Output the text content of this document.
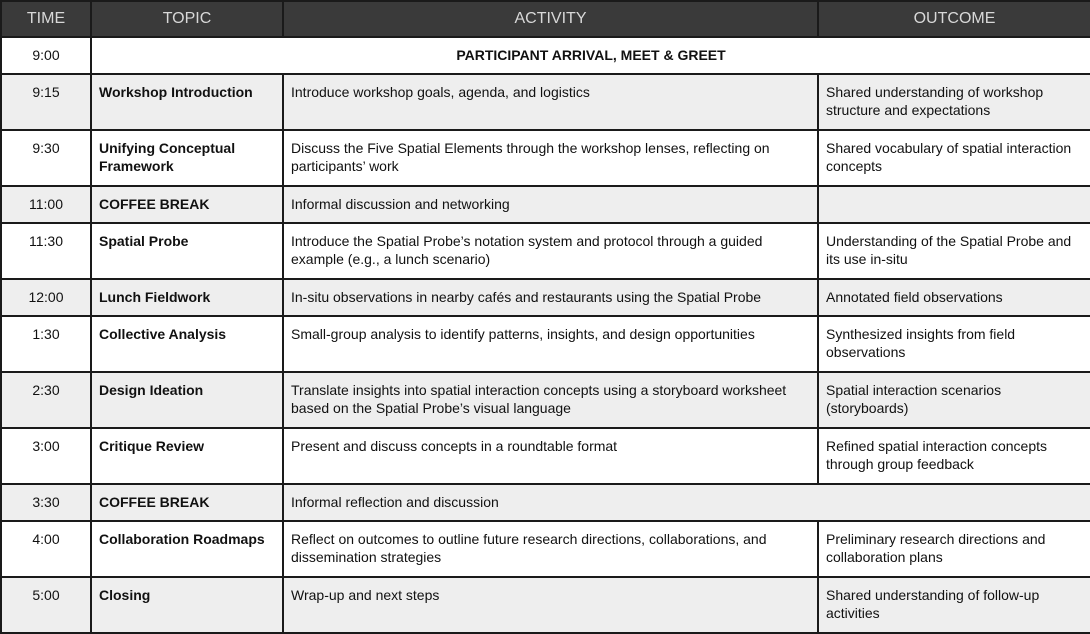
TIME	TOPIC	ACTIVITY	OUTCOME
9:00	PARTICIPANT ARRIVAL, MEET & GREET		
9:15	Workshop Introduction	Introduce workshop goals, agenda, and logistics	Shared understanding of workshop structure and expectations
9:30	Unifying Conceptual Framework	Discuss the Five Spatial Elements through the workshop lenses, reflecting on participants’ work	Shared vocabulary of spatial interaction concepts
11:00	COFFEE BREAK	Informal discussion and networking	
11:30	Spatial Probe	Introduce the Spatial Probe’s notation system and protocol through a guided example (e.g., a lunch scenario)	Understanding of the Spatial Probe and its use in-situ
12:00	Lunch Fieldwork	In-situ observations in nearby cafés and restaurants using the Spatial Probe	Annotated field observations
1:30	Collective Analysis	Small-group analysis to identify patterns, insights, and design opportunities	Synthesized insights from field observations
2:30	Design Ideation	Translate insights into spatial interaction concepts using a storyboard worksheet based on the Spatial Probe’s visual language	Spatial interaction scenarios (storyboards)
3:00	Critique Review	Present and discuss concepts in a roundtable format	Refined spatial interaction concepts through group feedback
3:30	COFFEE BREAK	Informal reflection and discussion	
4:00	Collaboration Roadmaps	Reflect on outcomes to outline future research directions, collaborations, and dissemination strategies	Preliminary research directions and collaboration plans
5:00	Closing	Wrap-up and next steps	Shared understanding of follow-up activities
